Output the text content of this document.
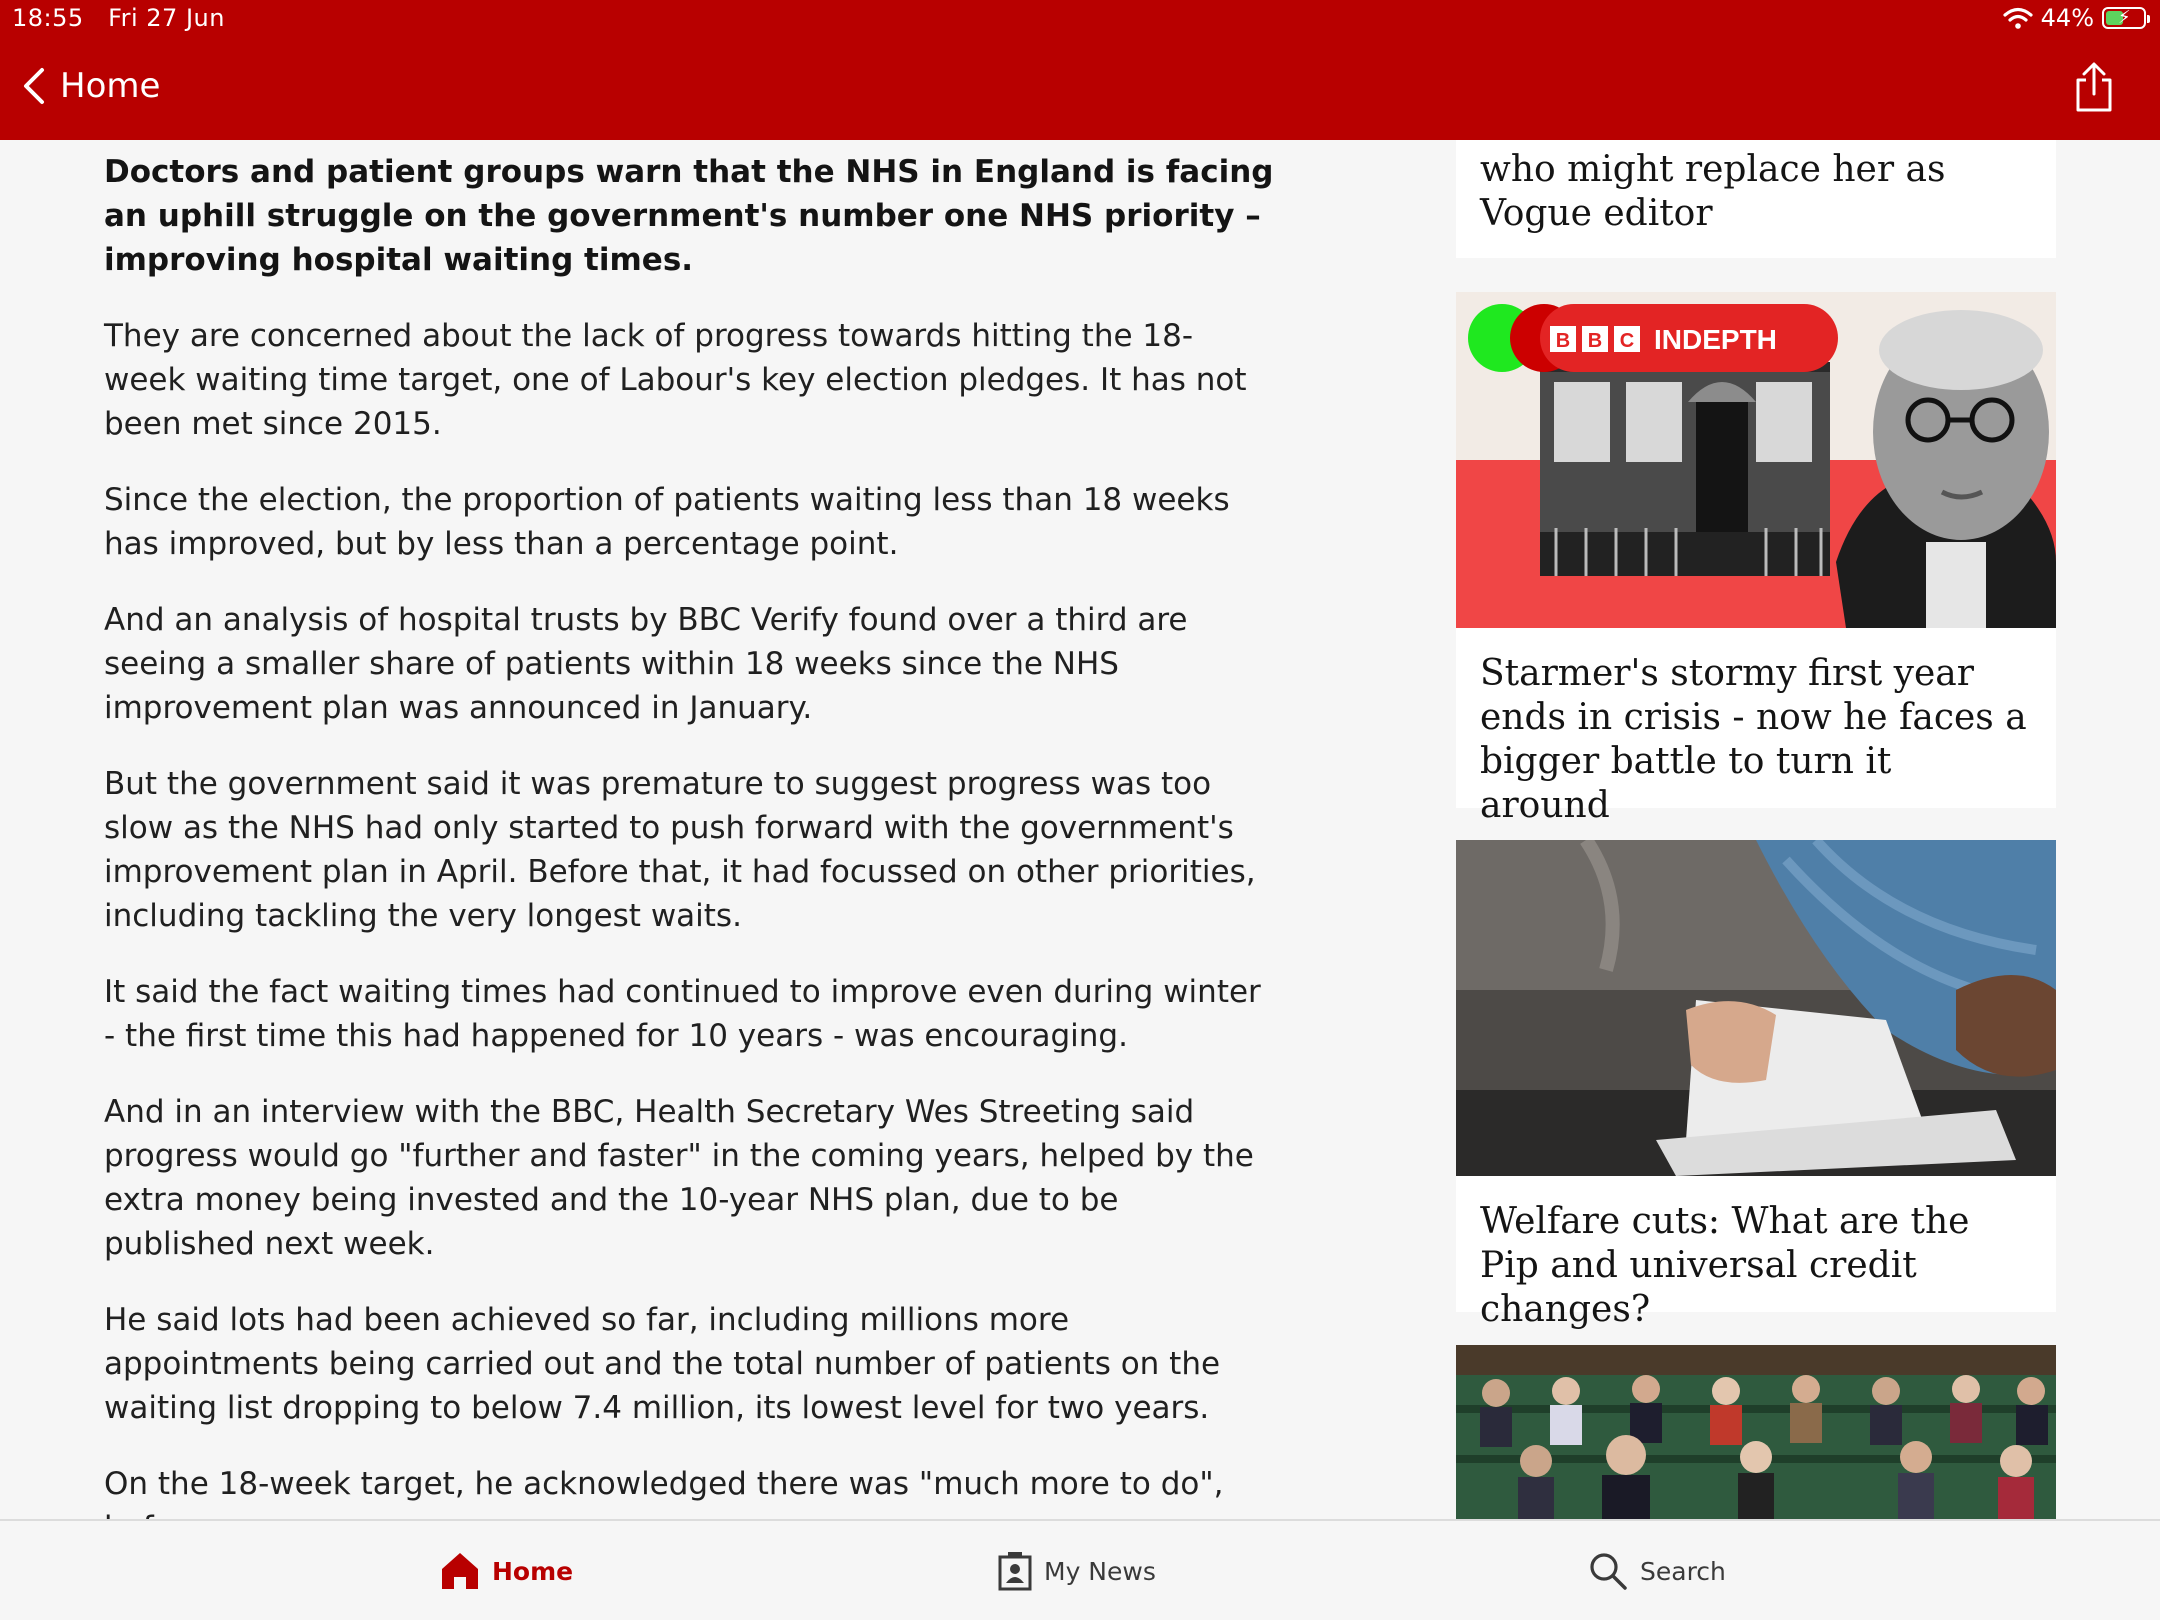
18:55 Fri 27 Jun	44% ⚡
Home

Doctors and patient groups warn that the NHS in England is facing an uphill struggle on the government's number one NHS priority – improving hospital waiting times.

They are concerned about the lack of progress towards hitting the 18-week waiting time target, one of Labour's key election pledges. It has not been met since 2015.

Since the election, the proportion of patients waiting less than 18 weeks has improved, but by less than a percentage point.

And an analysis of hospital trusts by BBC Verify found over a third are seeing a smaller share of patients within 18 weeks since the NHS improvement plan was announced in January.

But the government said it was premature to suggest progress was too slow as the NHS had only started to push forward with the government's improvement plan in April. Before that, it had focussed on other priorities, including tackling the very longest waits.

It said the fact waiting times had continued to improve even during winter - the first time this had happened for 10 years - was encouraging.

And in an interview with the BBC, Health Secretary Wes Streeting said progress would go "further and faster" in the coming years, helped by the extra money being invested and the 10-year NHS plan, due to be published next week.

He said lots had been achieved so far, including millions more appointments being carried out and the total number of patients on the waiting list dropping to below 7.4 million, its lowest level for two years.

On the 18-week target, he acknowledged there was "much more to do",

who might replace her as Vogue editor

B B C INDEPTH

Starmer's stormy first year ends in crisis - now he faces a bigger battle to turn it around

Welfare cuts: What are the Pip and universal credit changes?

Home	My News	Search
